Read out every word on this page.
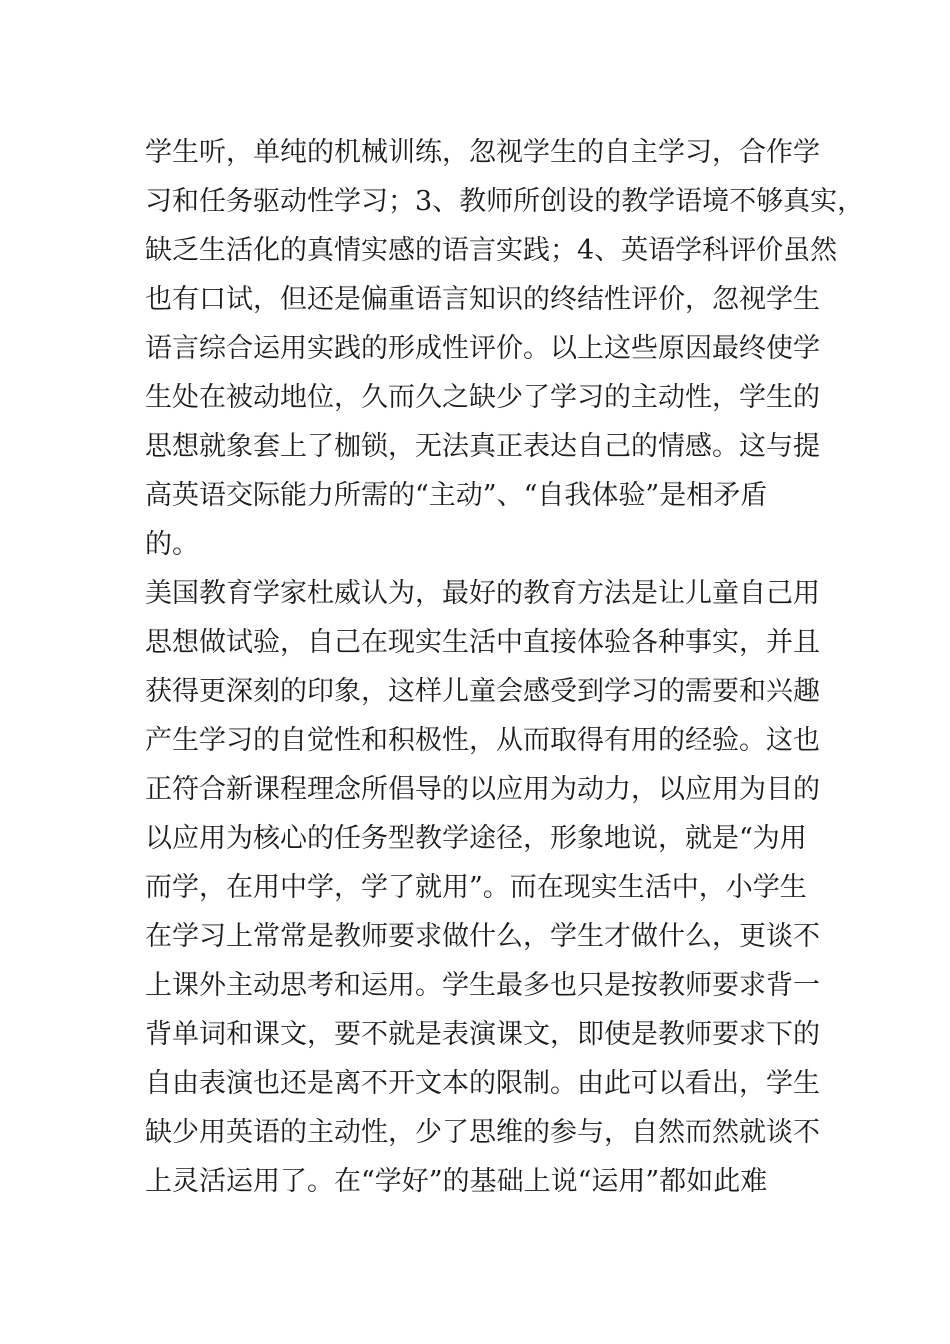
学生听，单纯的机械训练，忽视学生的自主学习，合作学
习和任务驱动性学习；3、教师所创设的教学语境不够真实，
缺乏生活化的真情实感的语言实践；4、英语学科评价虽然
也有口试，但还是偏重语言知识的终结性评价，忽视学生
语言综合运用实践的形成性评价。以上这些原因最终使学
生处在被动地位，久而久之缺少了学习的主动性，学生的
思想就象套上了枷锁，无法真正表达自己的情感。这与提
高英语交际能力所需的“主动”、“自我体验”是相矛盾
的。
美国教育学家杜威认为，最好的教育方法是让儿童自己用
思想做试验，自己在现实生活中直接体验各种事实，并且
获得更深刻的印象，这样儿童会感受到学习的需要和兴趣
产生学习的自觉性和积极性，从而取得有用的经验。这也
正符合新课程理念所倡导的以应用为动力，以应用为目的
以应用为核心的任务型教学途径，形象地说，就是“为用
而学，在用中学，学了就用”。而在现实生活中，小学生
在学习上常常是教师要求做什么，学生才做什么，更谈不
上课外主动思考和运用。学生最多也只是按教师要求背一
背单词和课文，要不就是表演课文，即使是教师要求下的
自由表演也还是离不开文本的限制。由此可以看出，学生
缺少用英语的主动性，少了思维的参与，自然而然就谈不
上灵活运用了。在“学好”的基础上说“运用”都如此难
